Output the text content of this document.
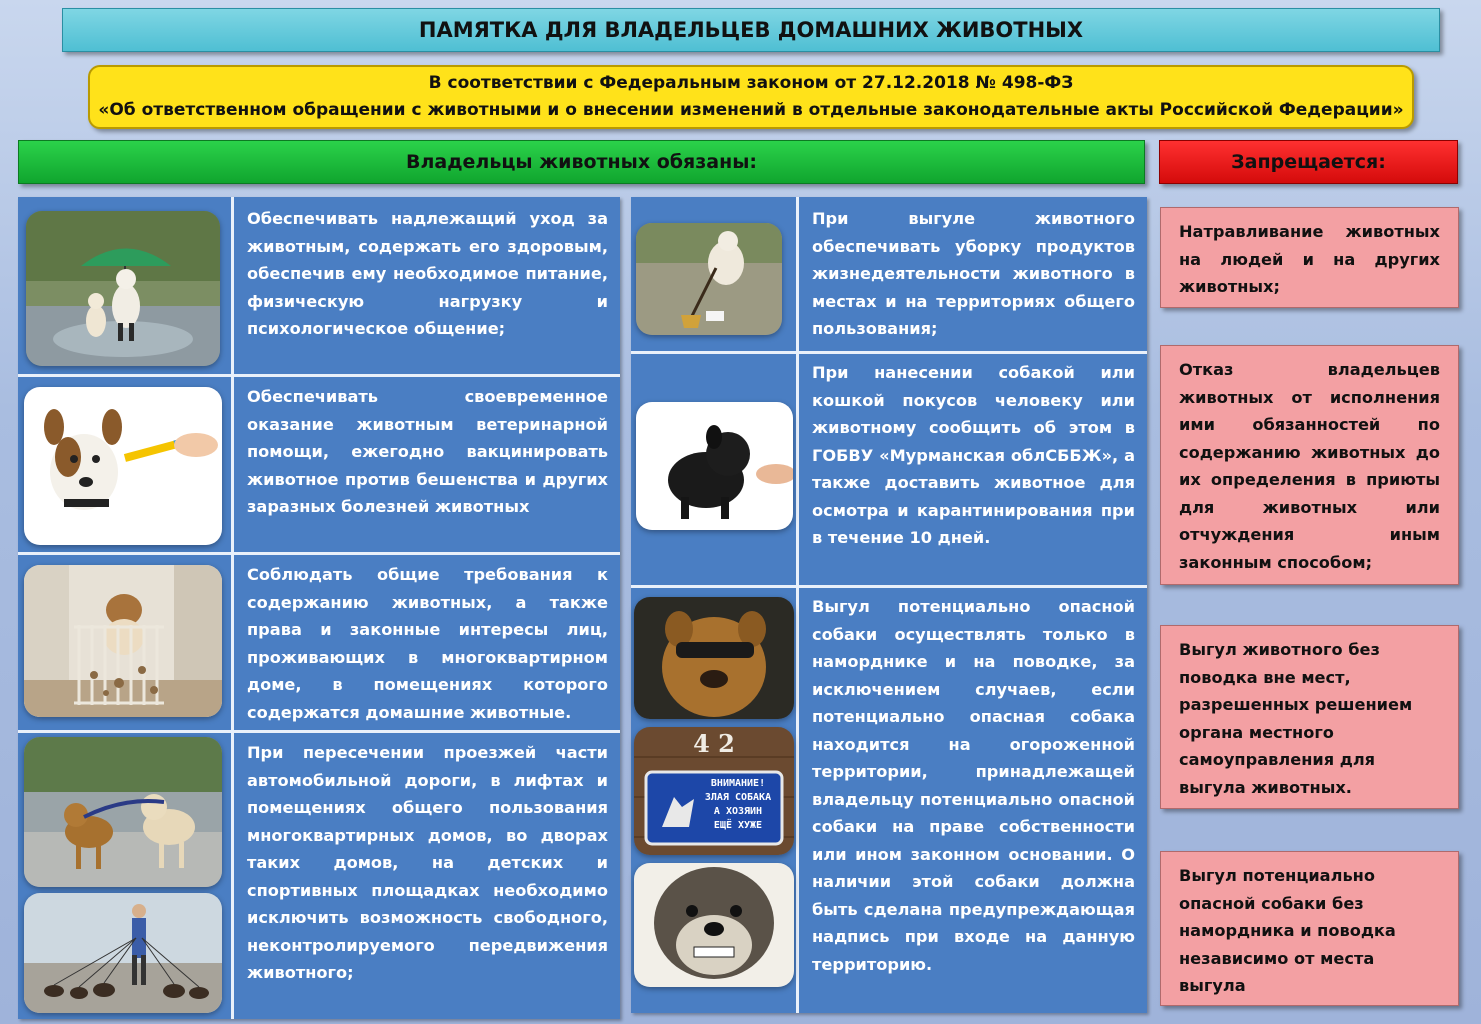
ПАМЯТКА ДЛЯ ВЛАДЕЛЬЦЕВ ДОМАШНИХ ЖИВОТНЫХ
В соответствии с Федеральным законом от 27.12.2018 № 498-ФЗ
«Об ответственном обращении с животными и о внесении изменений в отдельные законодательные акты Российской Федерации»
Владельцы животных обязаны:	Запрещается:
Обеспечивать надлежащий уход за животным, содержать его здоровым, обеспечив ему необходимое питание, физическую нагрузку и психологическое общение;
Обеспечивать своевременное оказание животным ветеринарной помощи, ежегодно вакцинировать животное против бешенства и других заразных болезней животных
Соблюдать общие требования к содержанию животных, а также права и законные интересы лиц, проживающих в многоквартирном доме, в помещениях которого содержатся домашние животные.
При пересечении проезжей части автомобильной дороги, в лифтах и помещениях общего пользования многоквартирных домов, во дворах таких домов, на детских и спортивных площадках необходимо исключить возможность свободного, неконтролируемого передвижения животного;
4 2
ВНИМАНИЕ!
ЗЛАЯ СОБАКА
А ХОЗЯИН
ЕЩЁ ХУЖЕ
При выгуле животного обеспечивать уборку продуктов жизнедеятельности животного в местах и на территориях общего пользования;
При нанесении собакой или кошкой покусов человеку или животному сообщить об этом в ГОБВУ «Мурманская облСББЖ», а также доставить животное для осмотра и карантинирования при в течение 10 дней.
Выгул потенциально опасной собаки осуществлять только в наморднике и на поводке, за исключением случаев, если потенциально опасная собака находится на огороженной территории, принадлежащей владельцу потенциально опасной собаки на праве собственности или ином законном основании. О наличии этой собаки должна быть сделана предупреждающая надпись при входе на данную территорию.
Натравливание животных на людей и на других животных;
Отказ владельцев животных от исполнения ими обязанностей по содержанию животных до их определения в приюты для животных или отчуждения иным законным способом;
Выгул животного без поводка вне мест, разрешенных решением органа местного самоуправления для выгула животных.
Выгул потенциально опасной собаки без намордника и поводка независимо от места выгула
